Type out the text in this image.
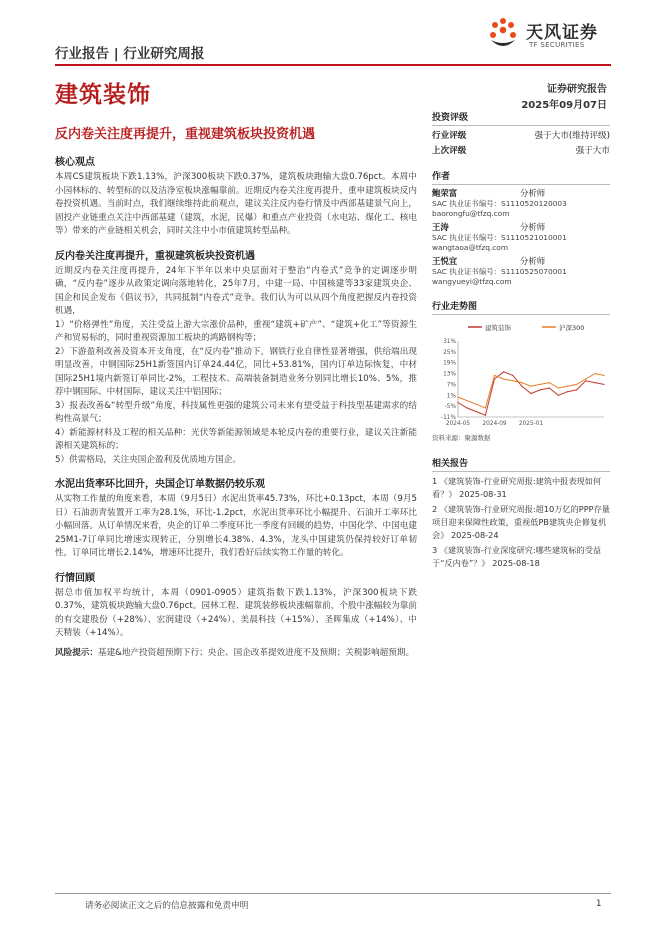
行业报告 | 行业研究周报
天风证券
TF SECURITIES
建筑装饰	证券研究报告
2025年09月07日
反内卷关注度再提升，重视建筑板块投资机遇
核心观点
本周CS建筑板块下跌1.13%，沪深300板块下跌0.37%，建筑板块跑输大盘0.76pct。本周中小园林标的、转型标的以及洁净室板块涨幅靠前。近期反内卷关注度再提升，重申建筑板块反内卷投资机遇。当前时点，我们继续维持此前观点，建议关注反内卷行情及中西部基建景气向上，固投产业链重点关注中西部基建（建筑，水泥，民爆）和重点产业投资（水电站、煤化工、核电等）带来的产业链相关机会，同时关注中小市值建筑转型品种。
反内卷关注度再提升，重视建筑板块投资机遇
近期反内卷关注度再提升，24年下半年以来中央层面对于整治“内卷式”竞争的定调逐步明确，“反内卷”逐步从政策定调向落地转化，25年7月，中建一局、中国核建等33家建筑央企、国企和民企发布《倡议书》，共同抵制“内卷式”竞争。我们认为可以从四个角度把握反内卷投资机遇，
1）“价格弹性”角度，关注受益上游大宗涨价品种，重视“建筑+矿产”、“建筑+化工”等资源生产和贸易标的，同时重视资源加工板块的鸿路钢构等；
2）下游盈利改善及资本开支角度，在“反内卷”推动下，钢铁行业自律性显著增强，供给端出现明显改善，中钢国际25H1新签国内订单24.44亿，同比+53.81%，国内订单边际恢复，中材国际25H1境内新签订单同比-2%，工程技术、高端装备制造业务分别同比增长10%、5%，推荐中钢国际、中材国际，建议关注中铝国际；
3）报表改善&“转型升级”角度，科技属性更强的建筑公司未来有望受益于科技型基建需求的结构性高景气；
4）新能源材料及工程的相关品种：光伏等新能源领域是本轮反内卷的重要行业，建议关注新能源相关建筑标的；
5）供需格局，关注央国企盈利及优质地方国企。
水泥出货率环比回升，央国企订单数据仍较乐观
从实物工作量的角度来看，本周（9月5日）水泥出货率45.73%，环比+0.13pct，本周（9月5日）石油沥青装置开工率为28.1%，环比-1.2pct，水泥出货率环比小幅提升、石油开工率环比小幅回落。从订单情况来看，央企的订单二季度环比一季度有回暖的趋势，中国化学、中国电建25M1-7订单同比增速实现转正，分别增长4.38%、4.3%，龙头中国建筑仍保持较好订单韧性，订单同比增长2.14%，增速环比提升，我们看好后续实物工作量的转化。
行情回顾
据总市值加权平均统计，本周（0901-0905）建筑指数下跌1.13%，沪深300板块下跌0.37%，建筑板块跑输大盘0.76pct。园林工程、建筑装修板块涨幅靠前，个股中涨幅较为靠前的有交建股份（+28%）、宏润建设（+24%）、美晨科技（+15%）、圣晖集成（+14%）、中天精装（+14%）。
风险提示：基建&地产投资超预期下行；央企、国企改革提效进度不及预期；关税影响超预期。
投资评级
行业评级	强于大市(维持评级)
上次评级	强于大市
作者
鲍荣富	分析师
SAC 执业证书编号：S1110520120003
baorongfu@tfzq.com
王涛	分析师
SAC 执业证书编号：S1110521010001
wangtaoa@tfzq.com
王悦宜	分析师
SAC 执业证书编号：S1110525070001
wangyueyi@tfzq.com
行业走势图
建筑装饰	沪深300
31%
25%
19%
13%
7%
1%
-5%
-11%
2024-05 2024-09 2025-01
资料来源：聚源数据
相关报告
1 《建筑装饰-行业研究周报:建筑中报表现如何看？》 2025-08-31
2 《建筑装饰-行业研究周报:超10万亿的PPP存量项目迎来保障性政策，重视低PB建筑央企修复机会》 2025-08-24
3 《建筑装饰-行业深度研究:哪些建筑标的受益于“反内卷”？》 2025-08-18
请务必阅读正文之后的信息披露和免责申明	1
